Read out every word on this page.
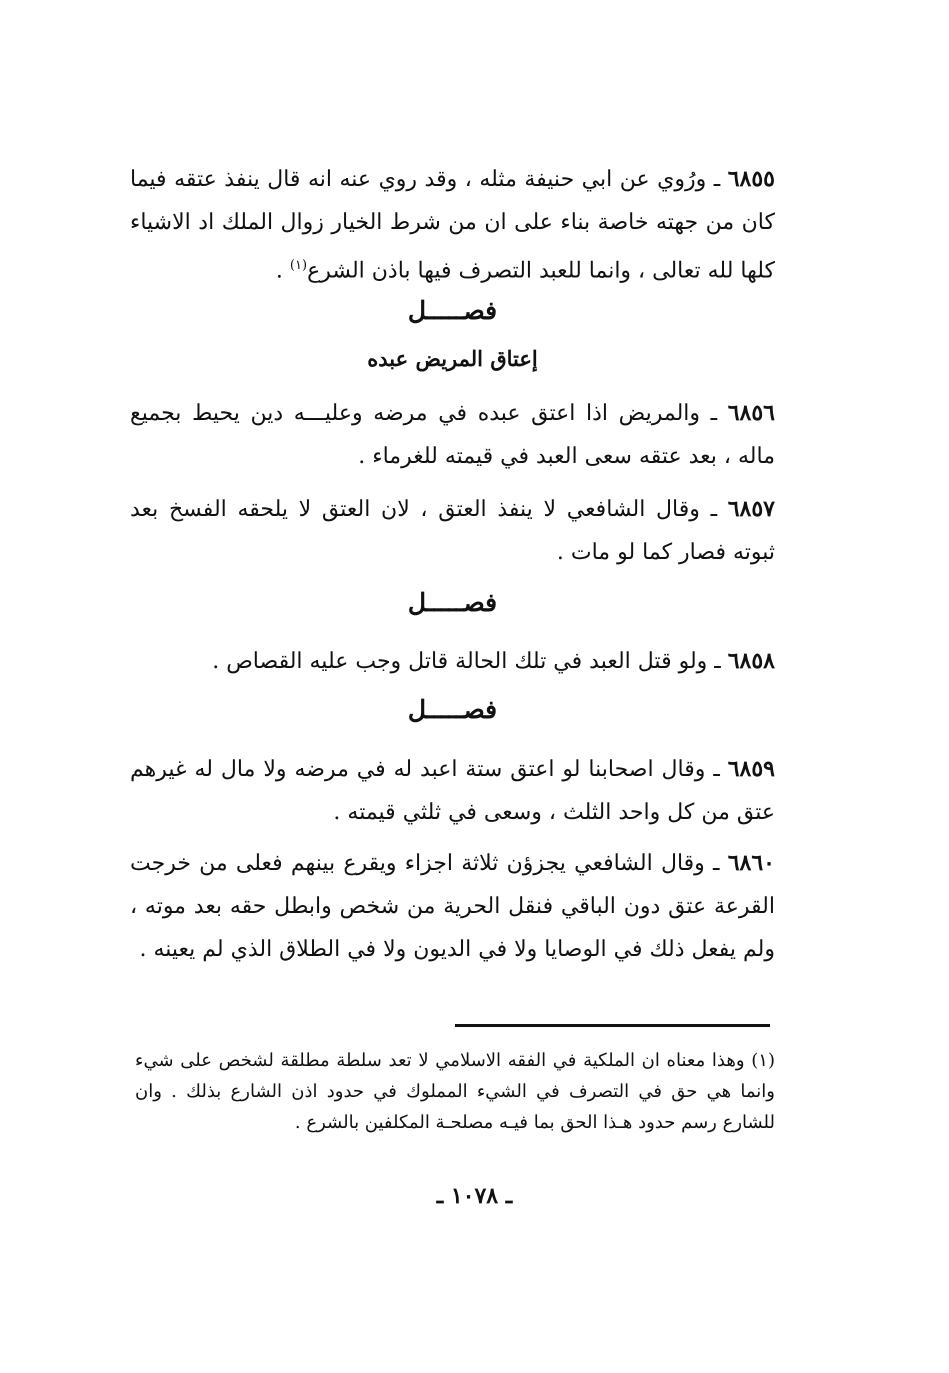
٦٨٥٥ ـ ورُوي عن ابي حنيفة مثله ، وقد روي عنه انه قال ينفذ عتقه فيما كان من جهته خاصة بناء على ان من شرط الخيار زوال الملك اد الاشياء كلها لله تعالى ، وانما للعبد التصرف فيها باذن الشرع$^{(١)}$ .

فصـــــل
إعتاق المريض عبده

٦٨٥٦ ـ والمريض اذا اعتق عبده في مرضه وعليـــه دين يحيط بجميع ماله ، بعد عتقه سعى العبد في قيمته للغرماء .

٦٨٥٧ ـ وقال الشافعي لا ينفذ العتق ، لان العتق لا يلحقه الفسخ بعد ثبوته فصار كما لو مات .

فصـــــل

٦٨٥٨ ـ ولو قتل العبد في تلك الحالة قاتل وجب عليه القصاص .

فصـــــل

٦٨٥٩ ـ وقال اصحابنا لو اعتق ستة اعبد له في مرضه ولا مال له غيرهم عتق من كل واحد الثلث ، وسعى في ثلثي قيمته .

٦٨٦٠ ـ وقال الشافعي يجزؤن ثلاثة اجزاء ويقرع بينهم فعلى من خرجت القرعة عتق دون الباقي فنقل الحرية من شخص وابطل حقه بعد موته ، ولم يفعل ذلك في الوصايا ولا في الديون ولا في الطلاق الذي لم يعينه .

(١) وهذا معناه ان الملكية في الفقه الاسلامي لا تعد سلطة مطلقة لشخص على شيء وانما هي حق في التصرف في الشيء المملوك في حدود اذن الشارع بذلك . وان للشارع رسم حدود هـذا الحق بما فيـه مصلحـة المكلفين بالشرع .

ـ ١٠٧٨ ـ
